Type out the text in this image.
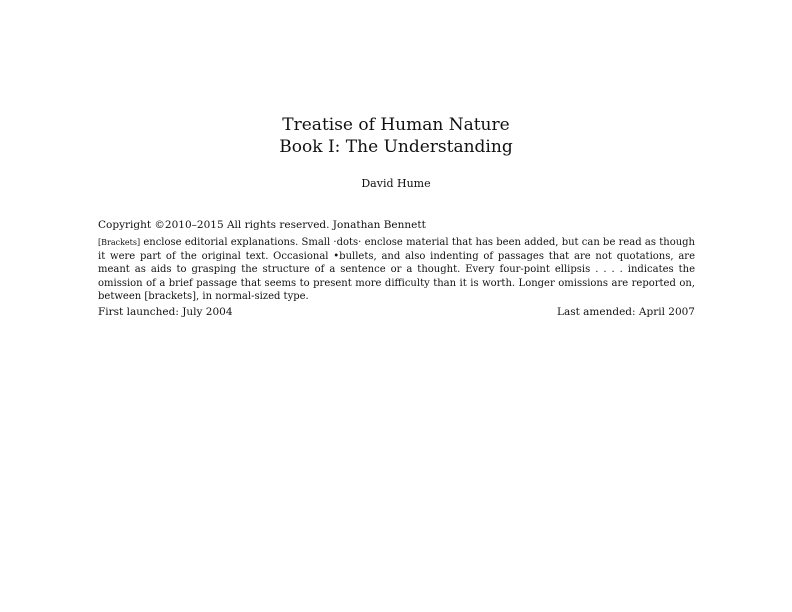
Treatise of Human Nature
Book I: The Understanding
David Hume
Copyright ©2010–2015 All rights reserved. Jonathan Bennett
[Brackets] enclose editorial explanations. Small ·dots· enclose material that has been added, but can be read as though it were part of the original text. Occasional •bullets, and also indenting of passages that are not quotations, are meant as aids to grasping the structure of a sentence or a thought. Every four-point ellipsis . . . . indicates the omission of a brief passage that seems to present more difficulty than it is worth. Longer omissions are reported on, between [brackets], in normal-sized type.
First launched: July 2004	Last amended: April 2007
